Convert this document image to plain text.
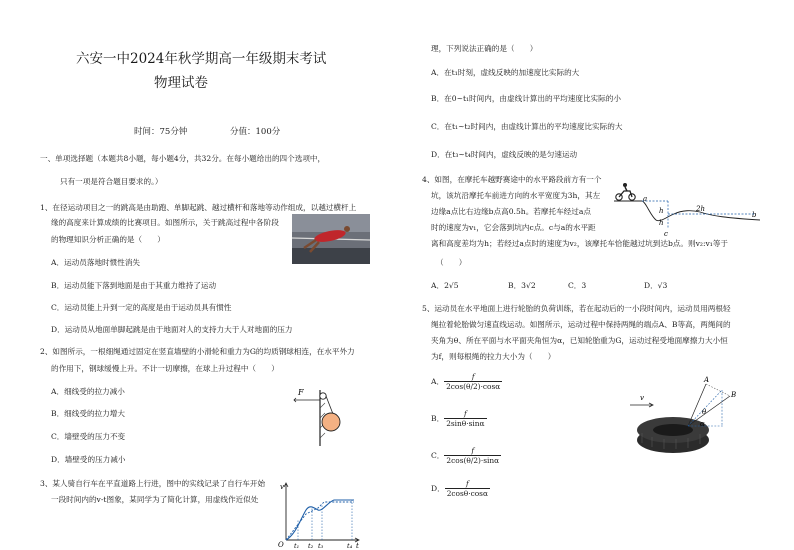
六安一中2024年秋学期高一年级期末考试
物理试卷
时间：75分钟	分值：100分
一、单项选择题（本题共8小题，每小题4分，共32分。在每小题给出的四个选项中，
只有一项是符合题目要求的。）
1、在径运动项目之一的跳高是由助跑、单脚起跳、越过横杆和落地等动作组成，以越过横杆上
缘的高度来计算成绩的比赛项目。如图所示，关于跳高过程中各阶段
的物理知识分析正确的是（　　）
A．运动员落地时惯性消失
B．运动员能下落到地面是由于其重力维持了运动
C．运动员能上升到一定的高度是由于运动员具有惯性
D．运动员从地面单脚起跳是由于地面对人的支持力大于人对地面的压力
2、如图所示，一根细绳通过固定在竖直墙壁的小滑轮和重力为G的均质钢球相连，在水平外力
的作用下，钢球缓慢上升。不计一切摩擦，在球上升过程中（　　）
A．细线受的拉力减小
B．细线受的拉力增大
C．墙壁受的压力不变
D．墙壁受的压力减小
F
3、某人骑自行车在平直道路上行进，图中的实线记录了自行车开始
一段时间内的v-t图象，某同学为了简化计算，用虚线作近似处
v
O	t
t₁ t₂ t₃	t₄
理，下列说法正确的是（　　）
A．在t₁时刻，虚线反映的加速度比实际的大
B．在0~t₁时间内，由虚线计算出的平均速度比实际的小
C．在t₁~t₂时间内，由虚线计算出的平均速度比实际的大
D．在t₃~t₄时间内，虚线反映的是匀速运动
4、如图，在摩托车越野赛途中的水平路段前方有一个
坑，该坑沿摩托车前进方向的水平宽度为3h，其左
边缘a点比右边缘b点高0.5h。若摩托车经过a点
时的速度为v₁，它会落到坑内c点。c与a的水平距
离和高度差均为h；若经过a点时的速度为v₂，该摩托车恰能越过坑到达b点。则v₂:v₁等于
（　　）
A．2√5	B．3√2	C．3	D．√3
a
b
c
h
h
2h
5、运动员在水平地面上进行轮胎的负荷训练，若在起动后的一小段时间内，运动员用两根轻
绳拉着轮胎做匀速直线运动。如图所示，运动过程中保持两绳的端点A、B等高，两绳间的
夹角为θ、所在平面与水平面夹角恒为α，已知轮胎重为G，运动过程受地面摩擦力大小恒
为f，则每根绳的拉力大小为（　　）
A． $\frac{f}{2\cos(\theta/2)\cdot\cos\alpha}$
B． $\frac{f}{2\sin\theta\cdot\sin\alpha}$
C． $\frac{f}{2\cos(\theta/2)\cdot\sin\alpha}$
D． $\frac{f}{2\cos\theta\cdot\cos\alpha}$
v
A
B
θ
α
